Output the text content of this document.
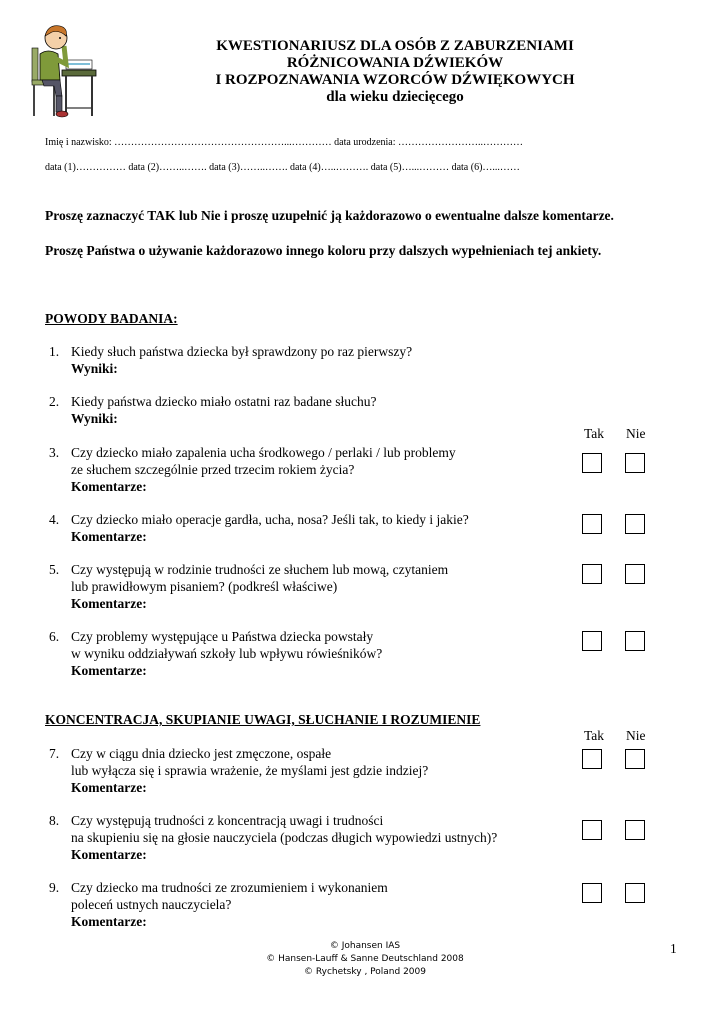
KWESTIONARIUSZ DLA OSÓB Z ZABURZENIAMI
RÓŻNICOWANIA DŹWIEKÓW
I ROZPOZNAWANIA WZORCÓW DŹWIĘKOWYCH
dla wieku dziecięcego
Imię i nazwisko: ……………………………………………...………… data urodzenia: ……………………..…………
data (1)…………… data (2)……..……. data (3)……..……. data (4)…..………. data (5)…...……… data (6)…...……
Proszę zaznaczyć TAK lub Nie i proszę uzupełnić ją każdorazowo o ewentualne dalsze komentarze.
Proszę Państwa o używanie każdorazowo innego koloru przy dalszych wypełnieniach tej ankiety.
POWODY BADANIA:
1. Kiedy słuch państwa dziecka był sprawdzony po raz pierwszy?
Wyniki:
2. Kiedy państwa dziecko miało ostatni raz badane słuchu?
Wyniki:
Tak Nie
3. Czy dziecko miało zapalenia ucha środkowego / perlaki / lub problemy
ze słuchem szczególnie przed trzecim rokiem życia?
Komentarze:
4. Czy dziecko miało operacje gardła, ucha, nosa? Jeśli tak, to kiedy i jakie?
Komentarze:
5. Czy występują w rodzinie trudności ze słuchem lub mową, czytaniem
lub prawidłowym pisaniem? (podkreśl właściwe)
Komentarze:
6. Czy problemy występujące u Państwa dziecka powstały
w wyniku oddziaływań szkoły lub wpływu rówieśników?
Komentarze:
KONCENTRACJA, SKUPIANIE UWAGI, SŁUCHANIE I ROZUMIENIE
Tak Nie
7. Czy w ciągu dnia dziecko jest zmęczone, ospałe
lub wyłącza się i sprawia wrażenie, że myślami jest gdzie indziej?
Komentarze:
8. Czy występują trudności z koncentracją uwagi i trudności
na skupieniu się na głosie nauczyciela (podczas długich wypowiedzi ustnych)?
Komentarze:
9. Czy dziecko ma trudności ze zrozumieniem i wykonaniem
poleceń ustnych nauczyciela?
Komentarze:
© Johansen IAS
© Hansen-Lauff & Sanne Deutschland 2008
© Rychetsky , Poland 2009
1
